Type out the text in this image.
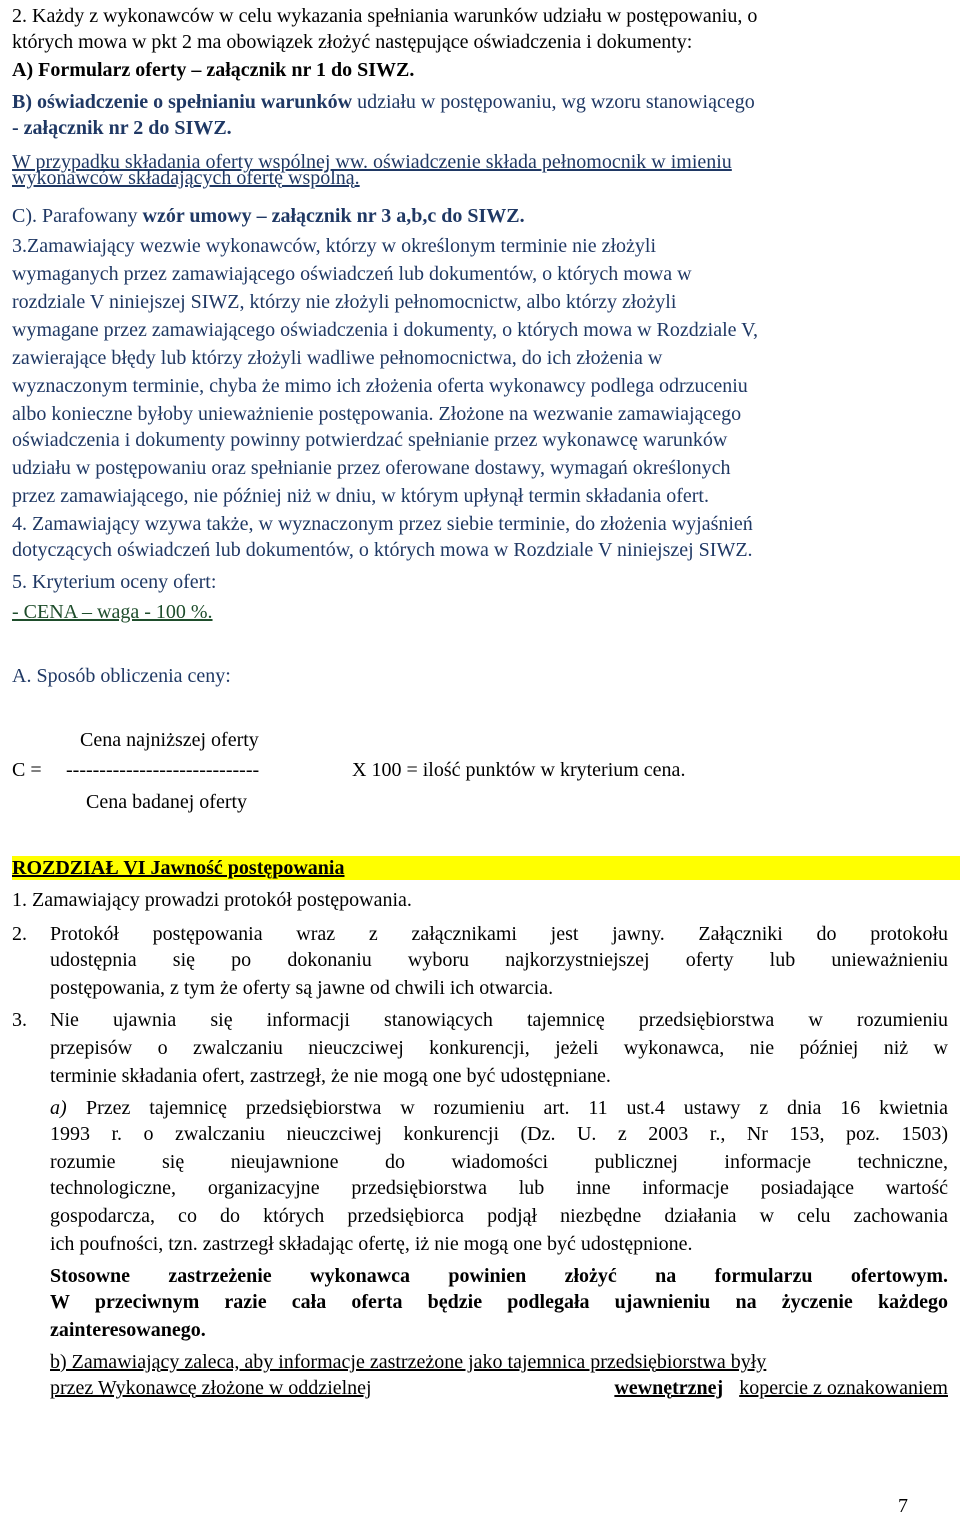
2. Każdy z wykonawców w celu wykazania spełniania warunków udziału w postępowaniu, o
których mowa w pkt 2 ma obowiązek złożyć następujące oświadczenia i dokumenty:
A) Formularz oferty – załącznik nr 1 do SIWZ.
B) oświadczenie o spełnianiu warunków udziału w postępowaniu, wg wzoru stanowiącego
- załącznik nr 2 do SIWZ.
W przypadku składania oferty wspólnej ww. oświadczenie składa pełnomocnik w imieniu
wykonawców składających ofertę wspólną.
C). Parafowany wzór umowy – załącznik nr 3 a,b,c do SIWZ.
3.Zamawiający wezwie wykonawców, którzy w określonym terminie nie złożyli
wymaganych przez zamawiającego oświadczeń lub dokumentów, o których mowa w
rozdziale V niniejszej SIWZ, którzy nie złożyli pełnomocnictw, albo którzy złożyli
wymagane przez zamawiającego oświadczenia i dokumenty, o których mowa w Rozdziale V,
zawierające błędy lub którzy złożyli wadliwe pełnomocnictwa, do ich złożenia w
wyznaczonym terminie, chyba że mimo ich złożenia oferta wykonawcy podlega odrzuceniu
albo konieczne byłoby unieważnienie postępowania. Złożone na wezwanie zamawiającego
oświadczenia i dokumenty powinny potwierdzać spełnianie przez wykonawcę warunków
udziału w postępowaniu oraz spełnianie przez oferowane dostawy, wymagań określonych
przez zamawiającego, nie później niż w dniu, w którym upłynął termin składania ofert.
4. Zamawiający wzywa także, w wyznaczonym przez siebie terminie, do złożenia wyjaśnień
dotyczących oświadczeń lub dokumentów, o których mowa w Rozdziale V niniejszej SIWZ.
5. Kryterium oceny ofert:
- CENA – waga - 100 %.
A. Sposób obliczenia ceny:
Cena najniższej oferty
C = -----------------------------	X 100 = ilość punktów w kryterium cena.
Cena badanej oferty
ROZDZIAŁ VI Jawność postępowania
1. Zamawiający prowadzi protokół postępowania.
2. Protokół postępowania wraz z załącznikami jest jawny. Załączniki do protokołu
udostępnia się po dokonaniu wyboru najkorzystniejszej oferty lub unieważnieniu
postępowania, z tym że oferty są jawne od chwili ich otwarcia.
3. Nie ujawnia się informacji stanowiących tajemnicę przedsiębiorstwa w rozumieniu
przepisów o zwalczaniu nieuczciwej konkurencji, jeżeli wykonawca, nie później niż w
terminie składania ofert, zastrzegł, że nie mogą one być udostępniane.
a) Przez tajemnicę przedsiębiorstwa w rozumieniu art. 11 ust.4 ustawy z dnia 16 kwietnia
1993 r. o zwalczaniu nieuczciwej konkurencji (Dz. U. z 2003 r., Nr 153, poz. 1503)
rozumie się nieujawnione do wiadomości publicznej informacje techniczne,
technologiczne, organizacyjne przedsiębiorstwa lub inne informacje posiadające wartość
gospodarcza, co do których przedsiębiorca podjął niezbędne działania w celu zachowania
ich poufności, tzn. zastrzegł składając ofertę, iż nie mogą one być udostępnione.
Stosowne zastrzeżenie wykonawca powinien złożyć na formularzu ofertowym.
W przeciwnym razie cała oferta będzie podlegała ujawnieniu na życzenie każdego
zainteresowanego.
b) Zamawiający zaleca, aby informacje zastrzeżone jako tajemnica przedsiębiorstwa były
przez Wykonawcę złożone w oddzielnej	wewnętrznej kopercie z oznakowaniem
7
